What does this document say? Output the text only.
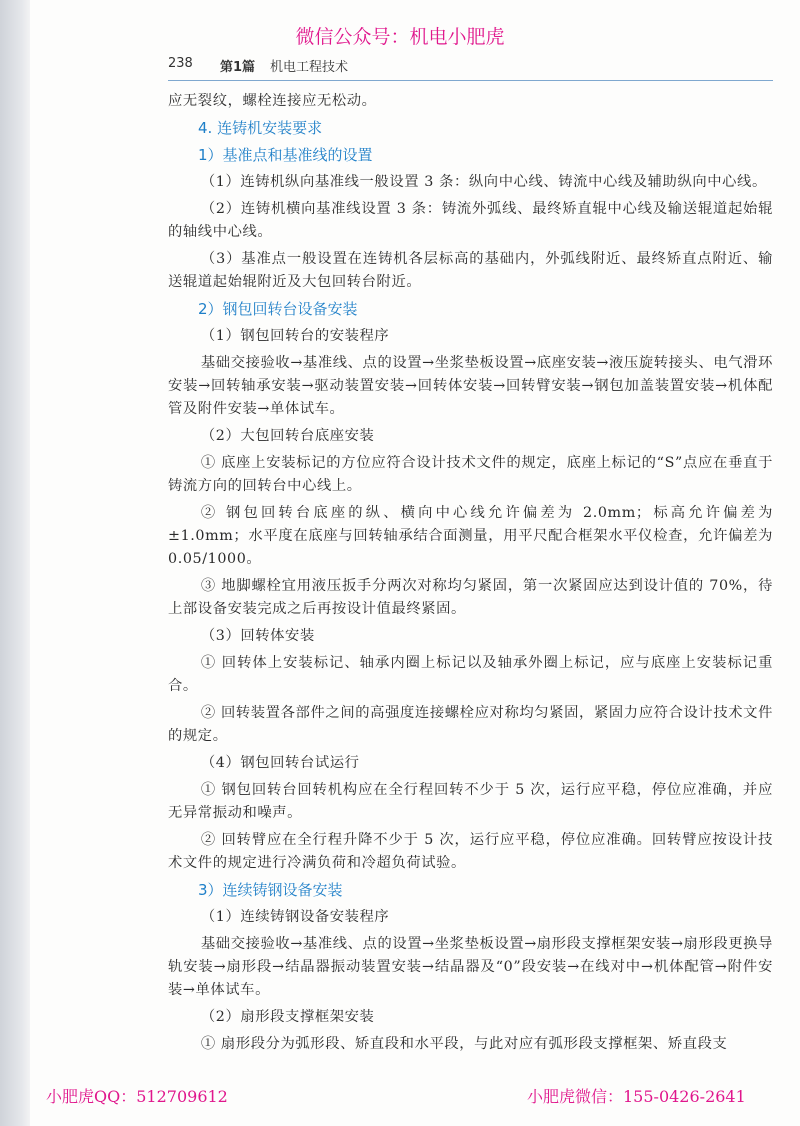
微信公众号：机电小肥虎
238 第1篇 机电工程技术

应无裂纹，螺栓连接应无松动。

4. 连铸机安装要求

1）基准点和基准线的设置

（1）连铸机纵向基准线一般设置 3 条：纵向中心线、铸流中心线及辅助纵向中心线。

（2）连铸机横向基准线设置 3 条：铸流外弧线、最终矫直辊中心线及输送辊道起始辊的轴线中心线。

（3）基准点一般设置在连铸机各层标高的基础内，外弧线附近、最终矫直点附近、输送辊道起始辊附近及大包回转台附近。

2）钢包回转台设备安装

（1）钢包回转台的安装程序

基础交接验收→基准线、点的设置→坐浆垫板设置→底座安装→液压旋转接头、电气滑环安装→回转轴承安装→驱动装置安装→回转体安装→回转臂安装→钢包加盖装置安装→机体配管及附件安装→单体试车。

（2）大包回转台底座安装

① 底座上安装标记的方位应符合设计技术文件的规定，底座上标记的“S”点应在垂直于铸流方向的回转台中心线上。

② 钢包回转台底座的纵、横向中心线允许偏差为 2.0mm；标高允许偏差为 ±1.0mm；水平度在底座与回转轴承结合面测量，用平尺配合框架水平仪检查，允许偏差为 0.05/1000。

③ 地脚螺栓宜用液压扳手分两次对称均匀紧固，第一次紧固应达到设计值的 70%，待上部设备安装完成之后再按设计值最终紧固。

（3）回转体安装

① 回转体上安装标记、轴承内圈上标记以及轴承外圈上标记，应与底座上安装标记重合。

② 回转装置各部件之间的高强度连接螺栓应对称均匀紧固，紧固力应符合设计技术文件的规定。

（4）钢包回转台试运行

① 钢包回转台回转机构应在全行程回转不少于 5 次，运行应平稳，停位应准确，并应无异常振动和噪声。

② 回转臂应在全行程升降不少于 5 次，运行应平稳，停位应准确。回转臂应按设计技术文件的规定进行冷满负荷和冷超负荷试验。

3）连续铸钢设备安装

（1）连续铸钢设备安装程序

基础交接验收→基准线、点的设置→坐浆垫板设置→扇形段支撑框架安装→扇形段更换导轨安装→扇形段→结晶器振动装置安装→结晶器及“0”段安装→在线对中→机体配管→附件安装→单体试车。

（2）扇形段支撑框架安装

① 扇形段分为弧形段、矫直段和水平段，与此对应有弧形段支撑框架、矫直段支

小肥虎QQ：512709612	小肥虎微信：155-0426-2641
